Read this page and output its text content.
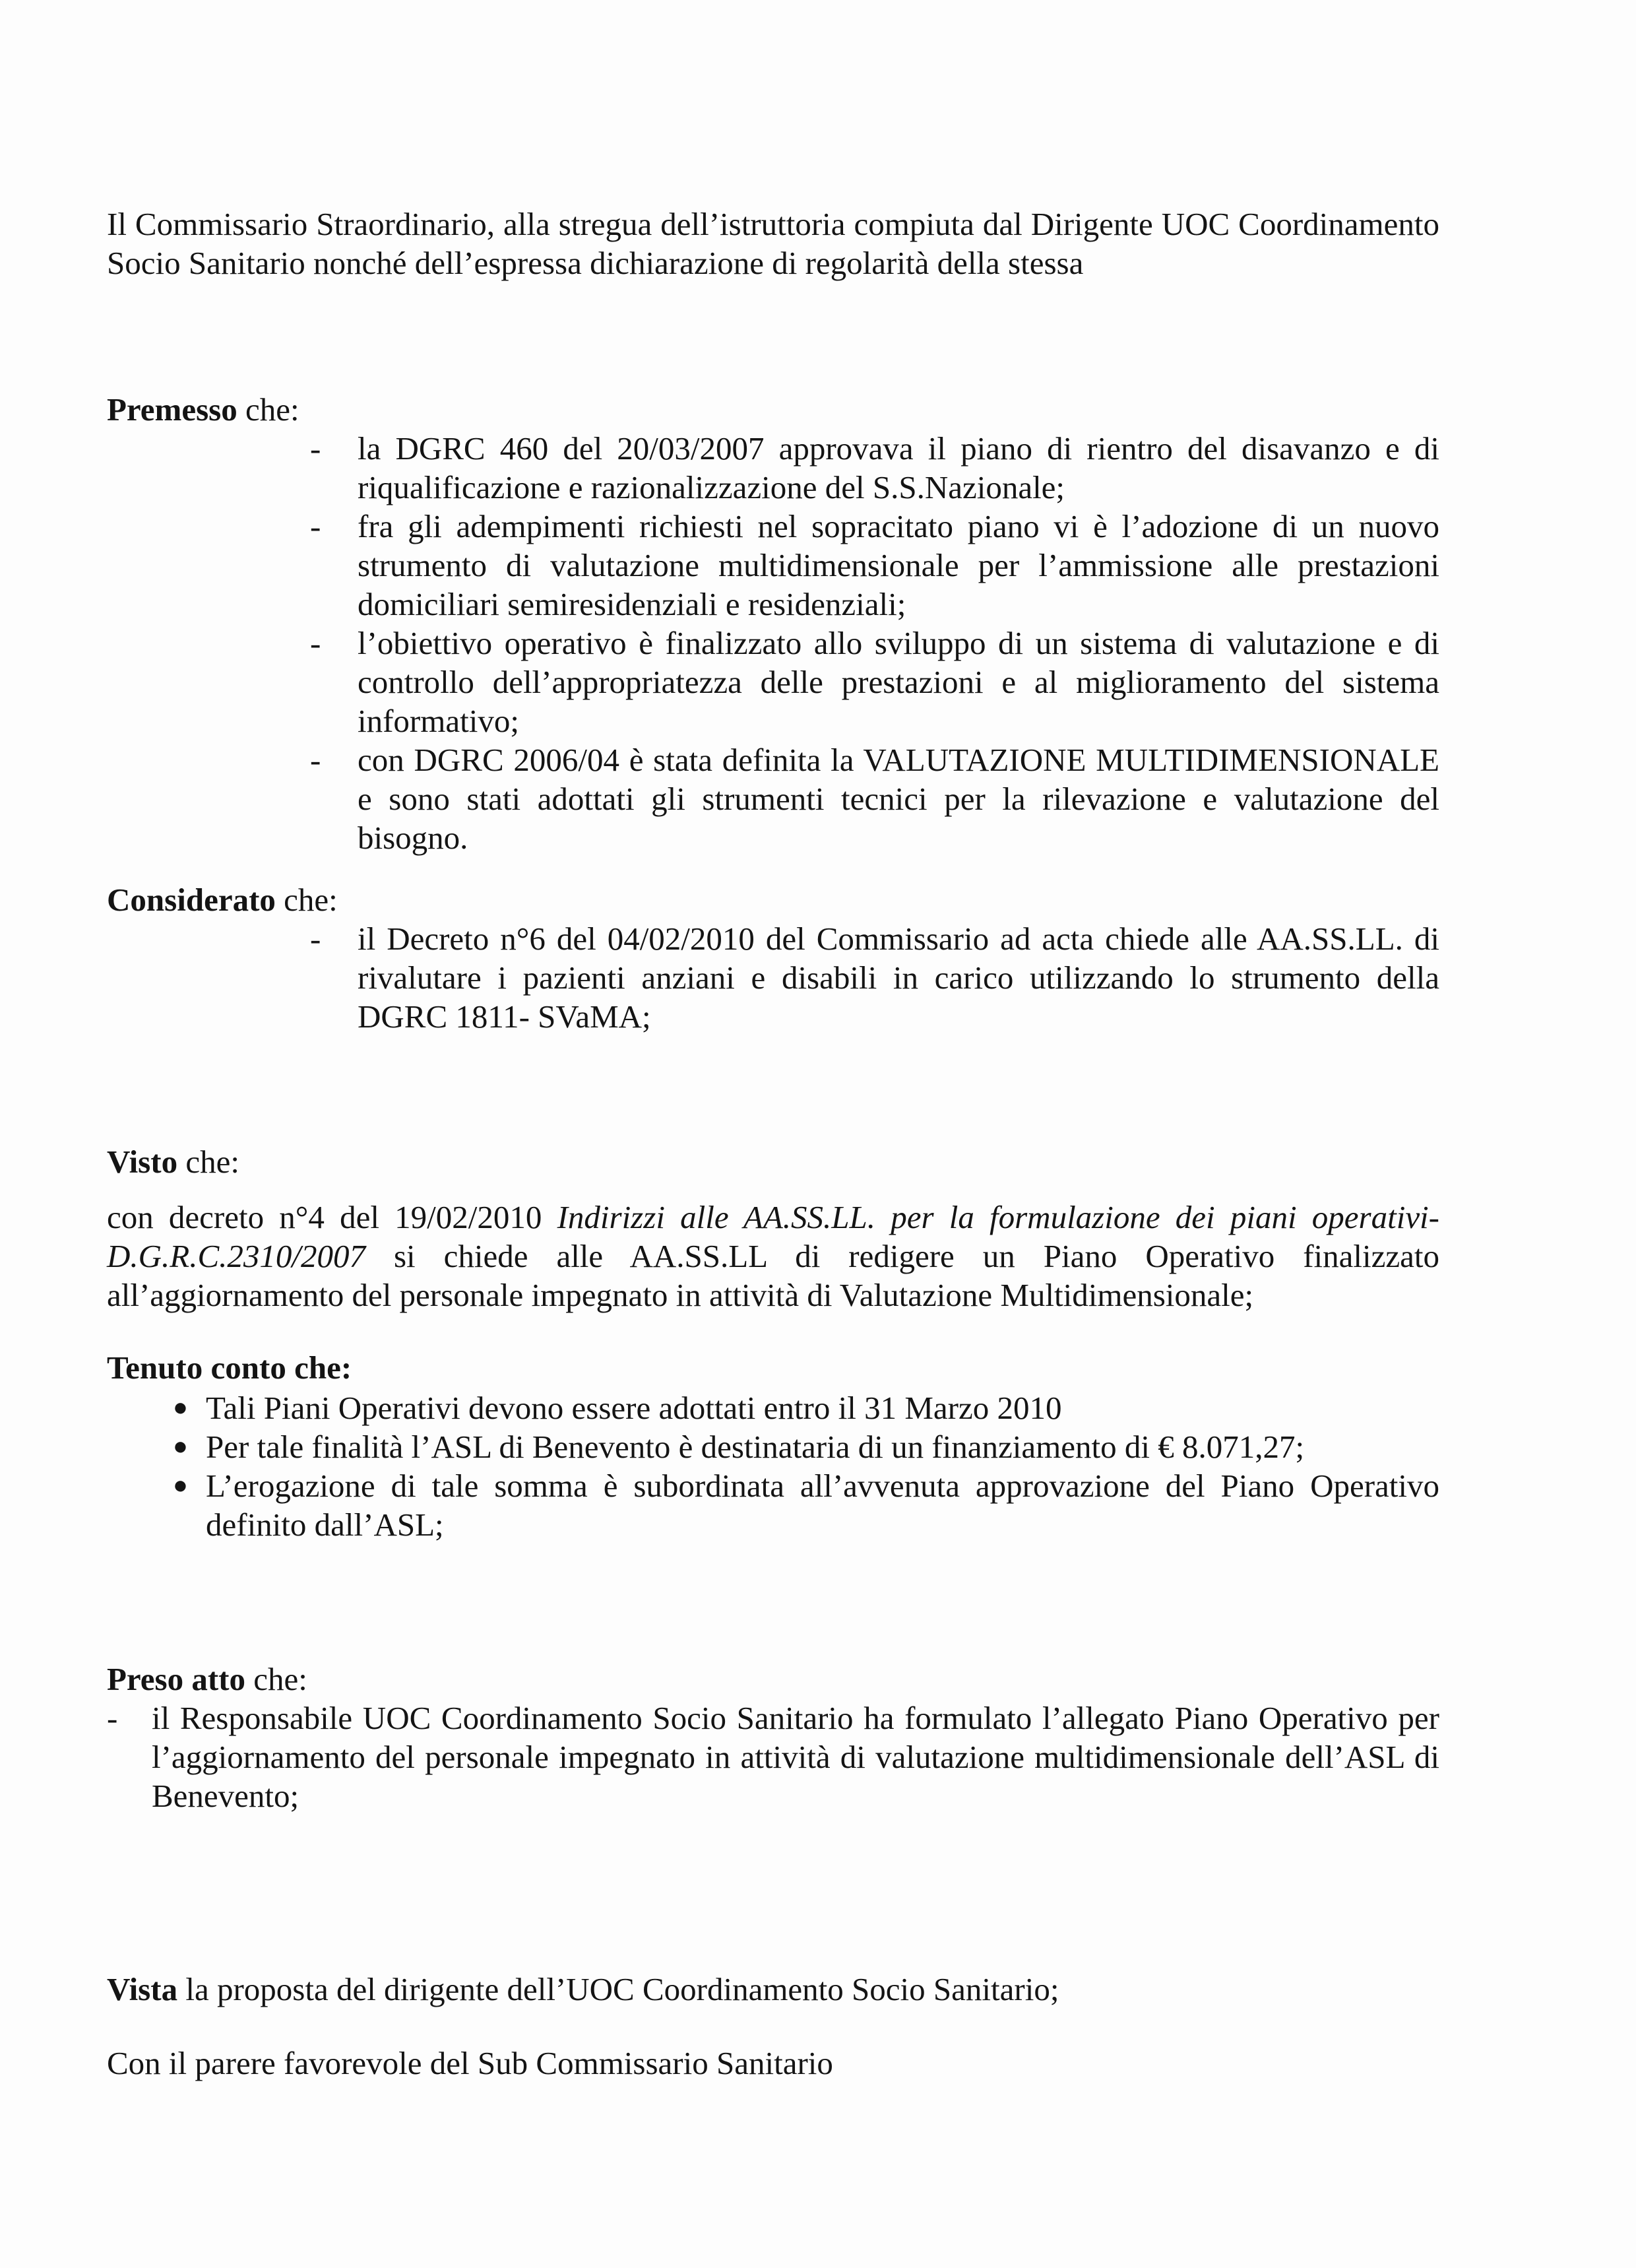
Il Commissario Straordinario, alla stregua dell’istruttoria compiuta dal Dirigente UOC Coordinamento Socio Sanitario nonché dell’espressa dichiarazione di regolarità della stessa
Premesso che:
- la DGRC 460 del 20/03/2007 approvava il piano di rientro del disavanzo e di riqualificazione e razionalizzazione del S.S.Nazionale;
- fra gli adempimenti richiesti nel sopracitato piano vi è l’adozione di un nuovo strumento di valutazione multidimensionale per l’ammissione alle prestazioni domiciliari semiresidenziali e residenziali;
- l’obiettivo operativo è finalizzato allo sviluppo di un sistema di valutazione e di controllo dell’appropriatezza delle prestazioni e al miglioramento del sistema informativo;
- con DGRC 2006/04 è stata definita la VALUTAZIONE MULTIDIMENSIONALE e sono stati adottati gli strumenti tecnici per la rilevazione e valutazione del bisogno.
Considerato che:
- il Decreto n°6 del 04/02/2010 del Commissario ad acta chiede alle AA.SS.LL. di rivalutare i pazienti anziani e disabili in carico utilizzando lo strumento della DGRC 1811- SVaMA;
Visto che:
con decreto n°4 del 19/02/2010 Indirizzi alle AA.SS.LL. per la formulazione dei piani operativi-D.G.R.C.2310/2007 si chiede alle AA.SS.LL di redigere un Piano Operativo finalizzato all’aggiornamento del personale impegnato in attività di Valutazione Multidimensionale;
Tenuto conto che:
● Tali Piani Operativi devono essere adottati entro il 31 Marzo 2010
● Per tale finalità l’ASL di Benevento è destinataria di un finanziamento di € 8.071,27;
● L’erogazione di tale somma è subordinata all’avvenuta approvazione del Piano Operativo definito dall’ASL;
Preso atto che:
- il Responsabile UOC Coordinamento Socio Sanitario ha formulato l’allegato Piano Operativo per l’aggiornamento del personale impegnato in attività di valutazione multidimensionale dell’ASL di Benevento;
Vista la proposta del dirigente dell’UOC Coordinamento Socio Sanitario;
Con il parere favorevole del Sub Commissario Sanitario
